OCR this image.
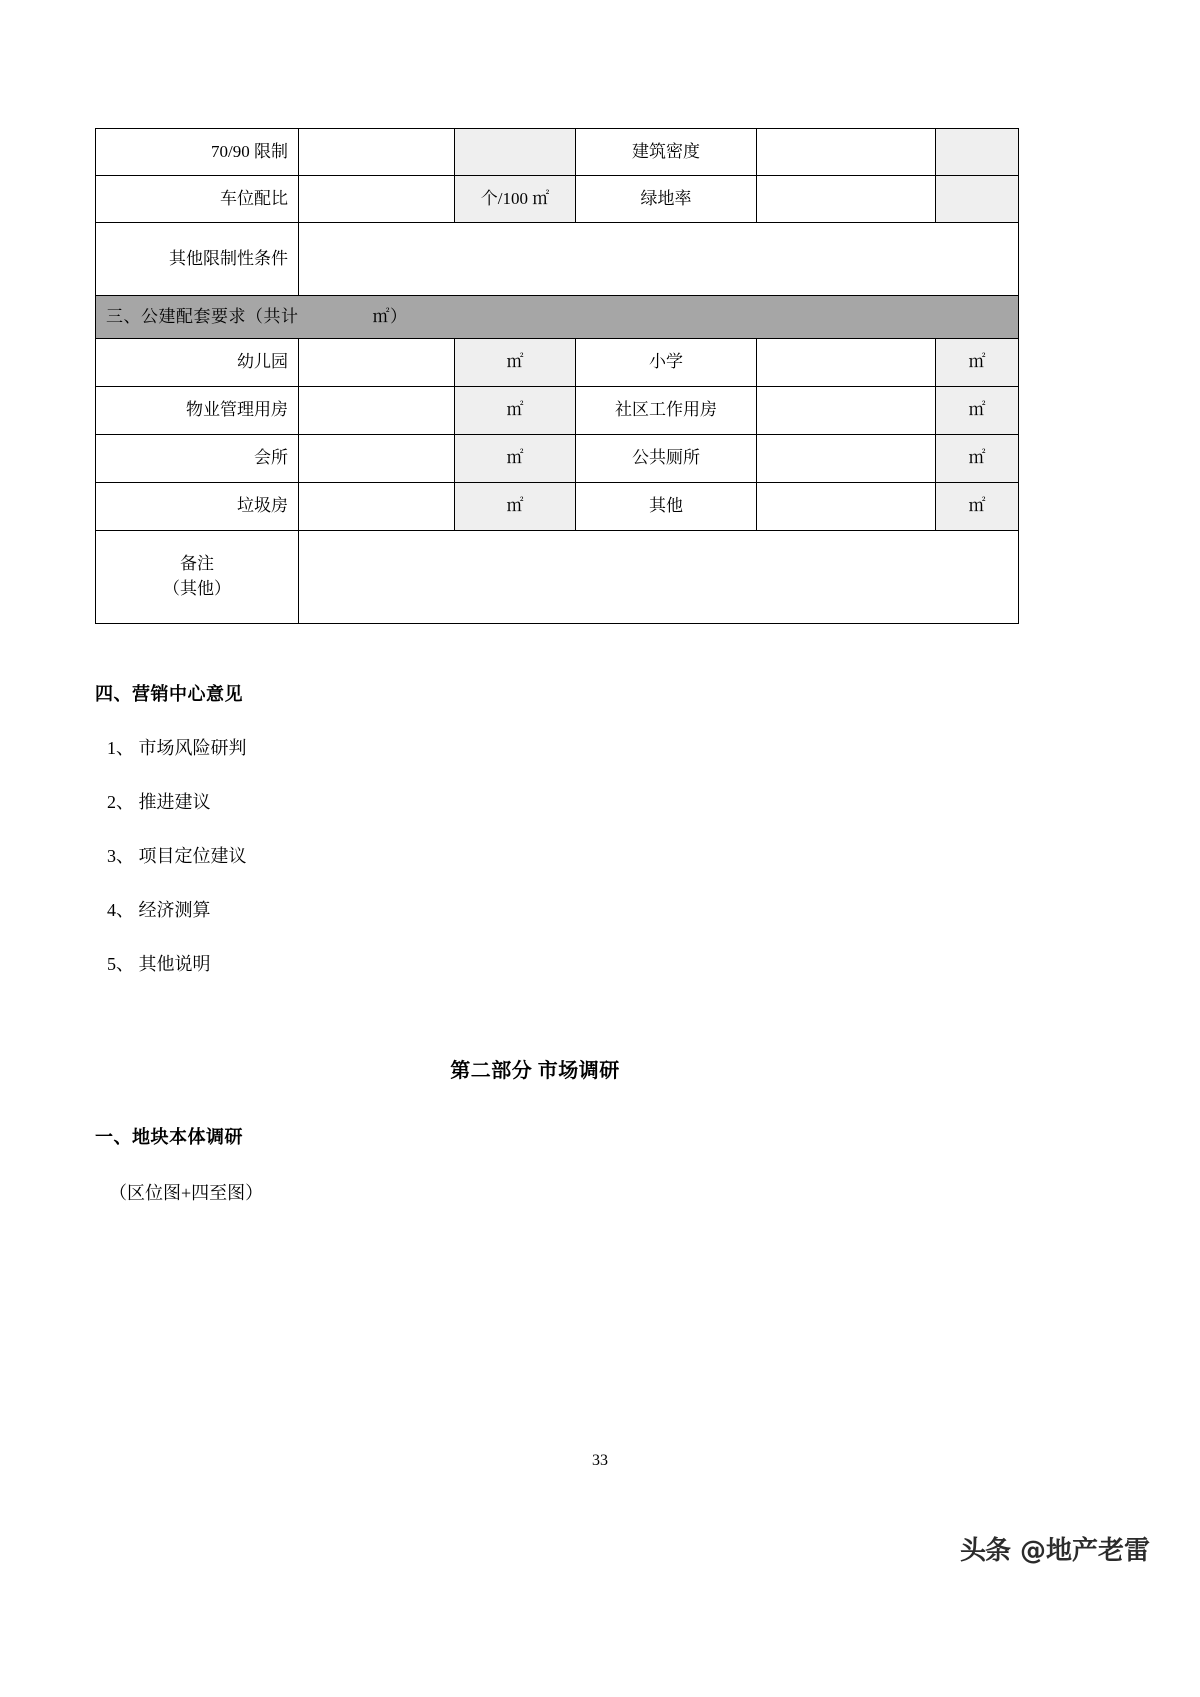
70/90 限制			建筑密度		
车位配比		个/100 ㎡	绿地率		
其他限制性条件					
三、公建配套要求（共计 ㎡）					
幼儿园		㎡	小学		㎡
物业管理用房		㎡	社区工作用房		㎡
会所		㎡	公共厕所		㎡
垃圾房		㎡	其他		㎡

备注
（其他）					

四、营销中心意见
1、 市场风险研判
2、 推进建议
3、 项目定位建议
4、 经济测算
5、 其他说明
第二部分 市场调研
一、地块本体调研
（区位图+四至图）
33
头条 @地产老雷
